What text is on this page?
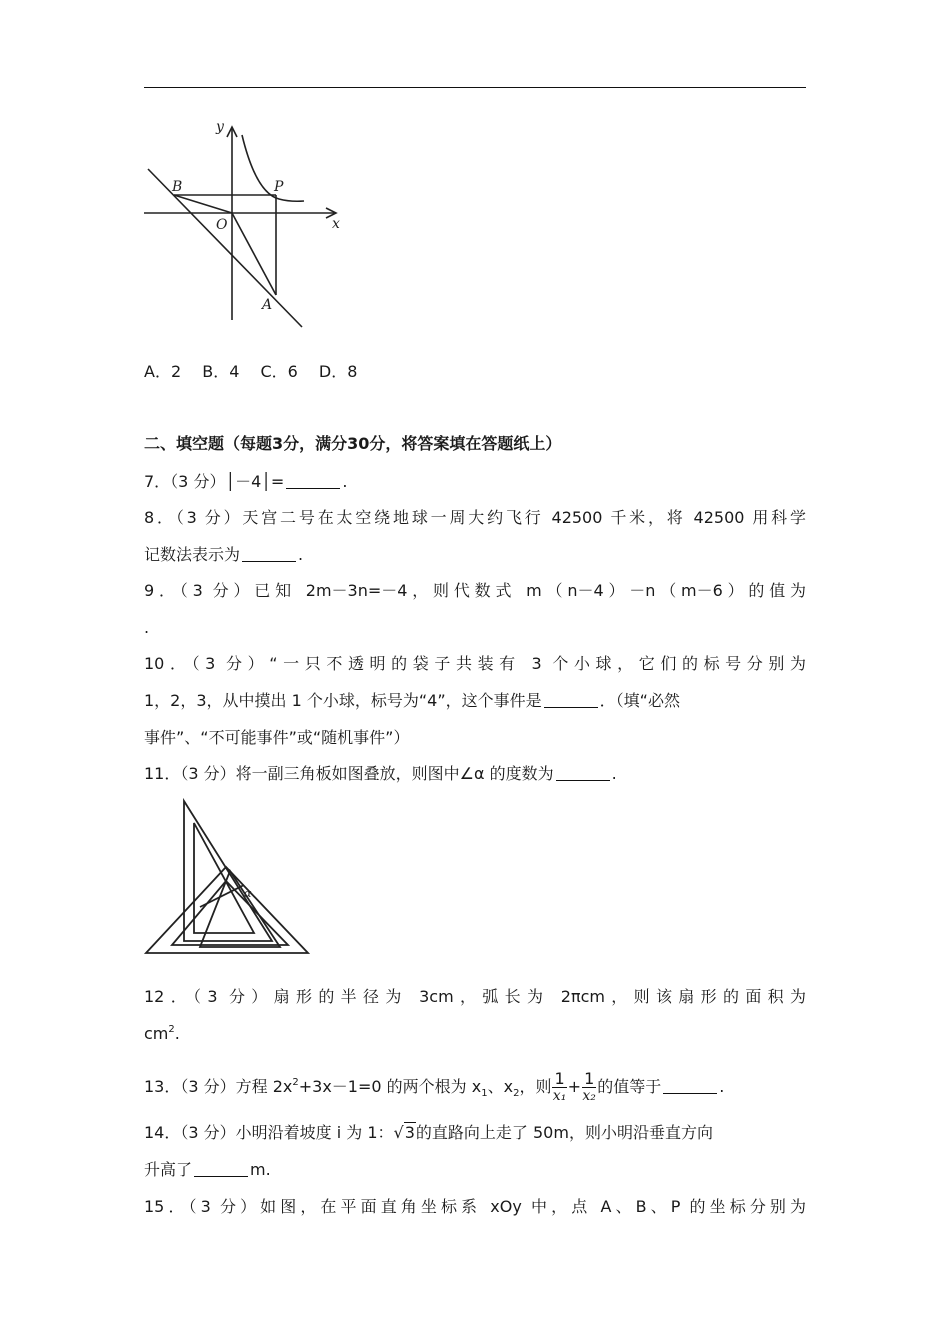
y
x
B	P
O
A
A．2　 B．4　 C．6　 D．8
二、填空题（每题3分，满分30分，将答案填在答题纸上）
7．（3 分）│－4│=	.
8．（3 分）天宫二号在太空绕地球一周大约飞行 42500 千米，将 42500 用科学
记数法表示为	.
9．（3 分）已知 2m－3n=－4，则代数式 m（n－4）－n（m－6）的值为
.
10．（3 分）“一只不透明的袋子共装有 3 个小球，它们的标号分别为
1，2，3，从中摸出 1 个小球，标号为“4”，这个事件是	．（填“必然
事件”、“不可能事件”或“随机事件”）
11．（3 分）将一副三角板如图叠放，则图中∠α 的度数为	.
α
12．（3 分）扇形的半径为 3cm，弧长为 2πcm，则该扇形的面积为
$cm^2$.
13．（3 分）方程 $2x^2+3x-1=0$ 的两个根为 $x_1$、$x_2$，则 $\frac{1}{\text{x₁}} + \frac{1}{\text{x₂}}$ 的值等于	.
14．（3 分）小明沿着坡度 i 为 1：√3的直路向上走了 50m，则小明沿垂直方向
升高了	m.
15．（3 分）如图，在平面直角坐标系 xOy 中，点 A、B、P 的坐标分别为
